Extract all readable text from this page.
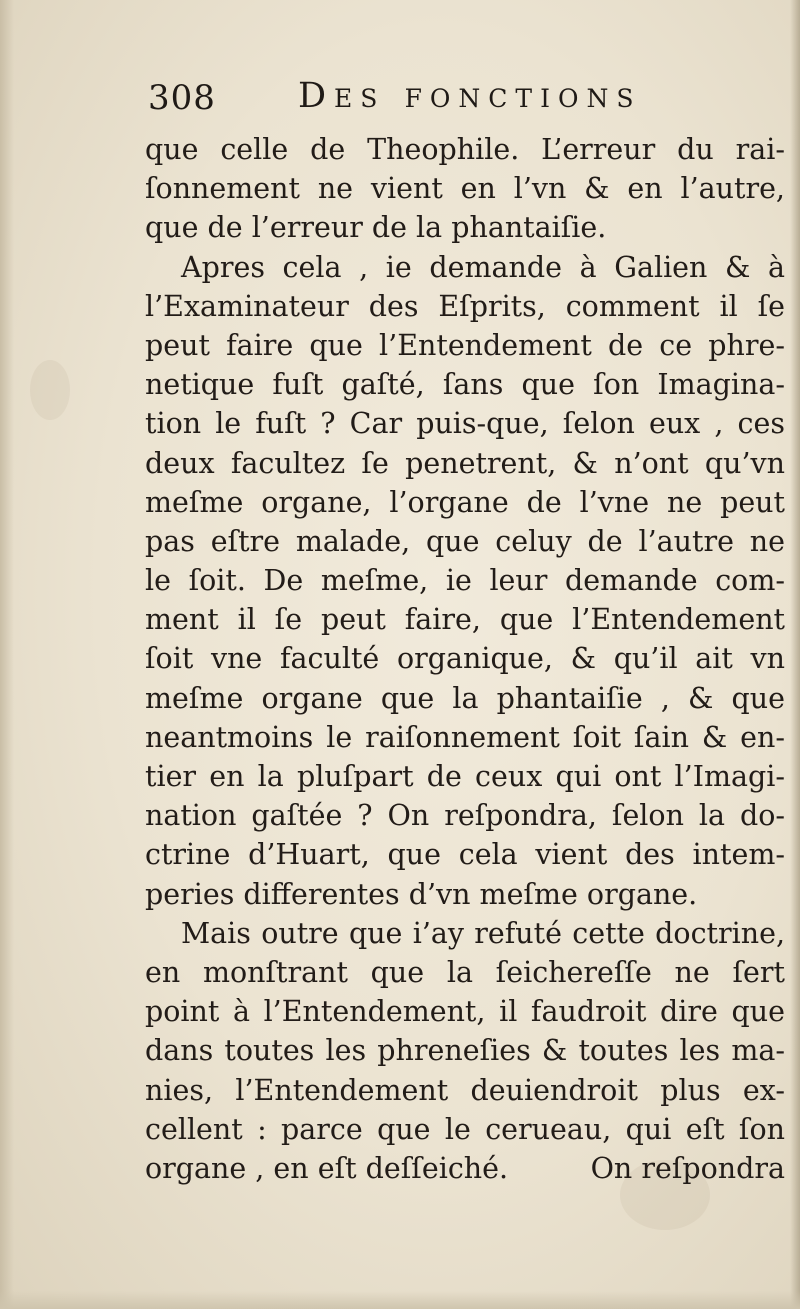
308 Des fonctions
que celle de Theophile. L’erreur du rai-
ſonnement ne vient en l’vn & en l’autre,
que de l’erreur de la phantaiſie.
Apres cela , ie demande à Galien & à
l’Examinateur des Eſprits, comment il ſe
peut faire que l’Entendement de ce phre-
netique fuſt gaſté, ſans que ſon Imagina-
tion le fuſt ? Car puis-que, ſelon eux , ces
deux facultez ſe penetrent, & n’ont qu’vn
meſme organe, l’organe de l’vne ne peut
pas eſtre malade, que celuy de l’autre ne
le ſoit. De meſme, ie leur demande com-
ment il ſe peut faire, que l’Entendement
ſoit vne faculté organique, & qu’il ait vn
meſme organe que la phantaiſie , & que
neantmoins le raiſonnement ſoit ſain & en-
tier en la pluſpart de ceux qui ont l’Imagi-
nation gaſtée ? On reſpondra, ſelon la do-
ctrine d’Huart, que cela vient des intem-
peries differentes d’vn meſme organe.
Mais outre que i’ay refuté cette doctrine,
en monſtrant que la ſeichereſſe ne ſert
point à l’Entendement, il faudroit dire que
dans toutes les phreneſies & toutes les ma-
nies, l’Entendement deuiendroit plus ex-
cellent : parce que le cerueau, qui eſt ſon
organe , en eſt deſſeiché.	On reſpondra
